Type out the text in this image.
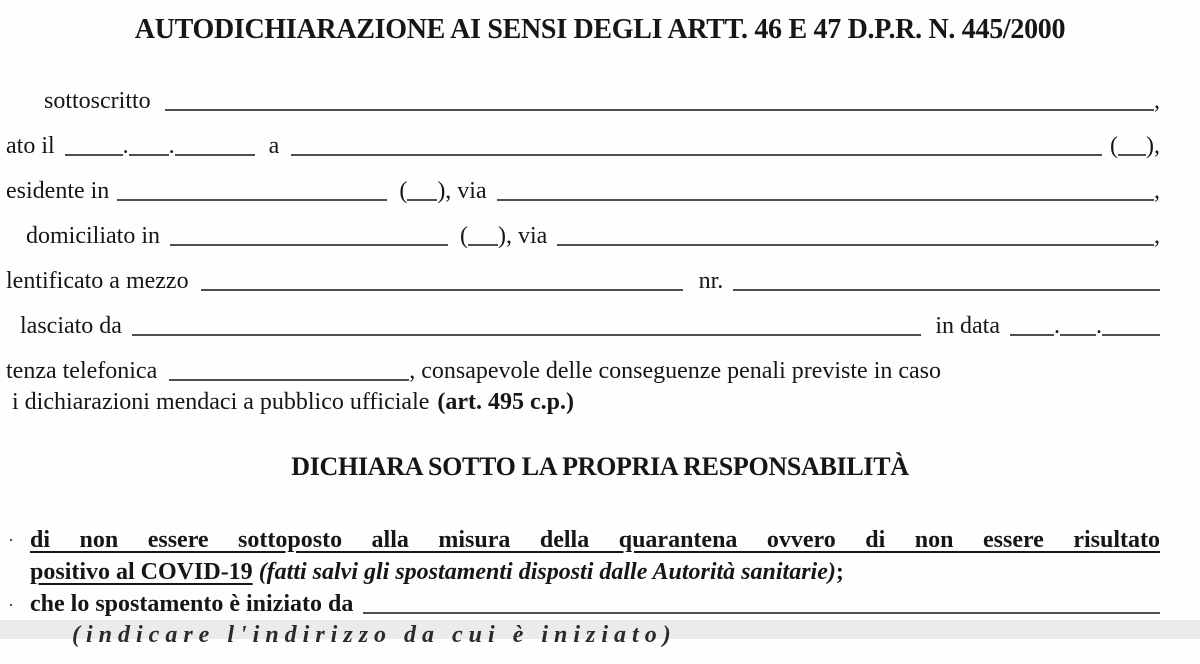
AUTODICHIARAZIONE AI SENSI DEGLI ARTT. 46 E 47 D.P.R. N. 445/2000
sottoscritto	,
ato il	. .	a	( ),
esidente in	( ), via	,
domiciliato in	( ), via	,
lentificato a mezzo	nr.
lasciato da	in data . .
tenza telefonica	, consapevole delle conseguenze penali previste in caso
i dichiarazioni mendaci a pubblico ufficiale (art. 495 c.p.)
DICHIARA SOTTO LA PROPRIA RESPONSABILITÀ
· di non essere sottoposto alla misura della quarantena ovvero di non essere risultato
positivo al COVID-19 (fatti salvi gli spostamenti disposti dalle Autorità sanitarie);
· che lo spostamento è iniziato da
